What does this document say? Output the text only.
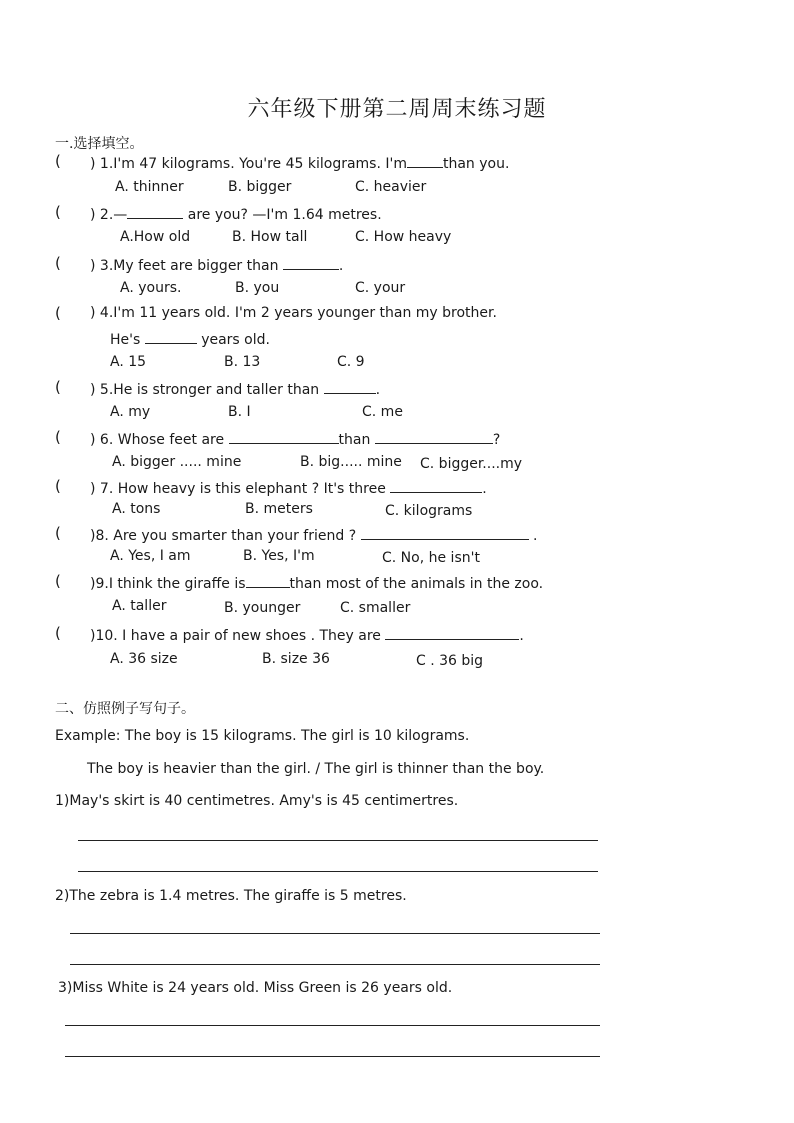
六年级下册第二周周末练习题
一.选择填空。
( ) 1.I'm 47 kilograms. You're 45 kilograms. I'm	than you.
A. thinner	B. bigger	C. heavier
( ) 2.—	are you? —I'm 1.64 metres.
A.How old	B. How tall	C. How heavy
( ) 3.My feet are bigger than	.
A. yours.	B. you	C. your
( ) 4.I'm 11 years old. I'm 2 years younger than my brother.
He's	years old.
A. 15	B. 13	C. 9
( ) 5.He is stronger and taller than	.
A. my	B. I	C. me
( ) 6. Whose feet are	than	?
A. bigger ..... mine	B. big..... mine C. bigger....my
( ) 7. How heavy is this elephant ? It's three	.
A. tons	B. meters	C. kilograms
( )8. Are you smarter than your friend ?	.
A. Yes, I am	B. Yes, I'm	C. No, he isn't
( )9.I think the giraffe is	than most of the animals in the zoo.
A. taller	B. younger	C. smaller
( )10. I have a pair of new shoes . They are	.
A. 36 size	B. size 36	C . 36 big
二、仿照例子写句子。
Example: The boy is 15 kilograms. The girl is 10 kilograms.
The boy is heavier than the girl. / The girl is thinner than the boy.
1)May's skirt is 40 centimetres. Amy's is 45 centimertres.
2)The zebra is 1.4 metres. The giraffe is 5 metres.
3)Miss White is 24 years old. Miss Green is 26 years old.
